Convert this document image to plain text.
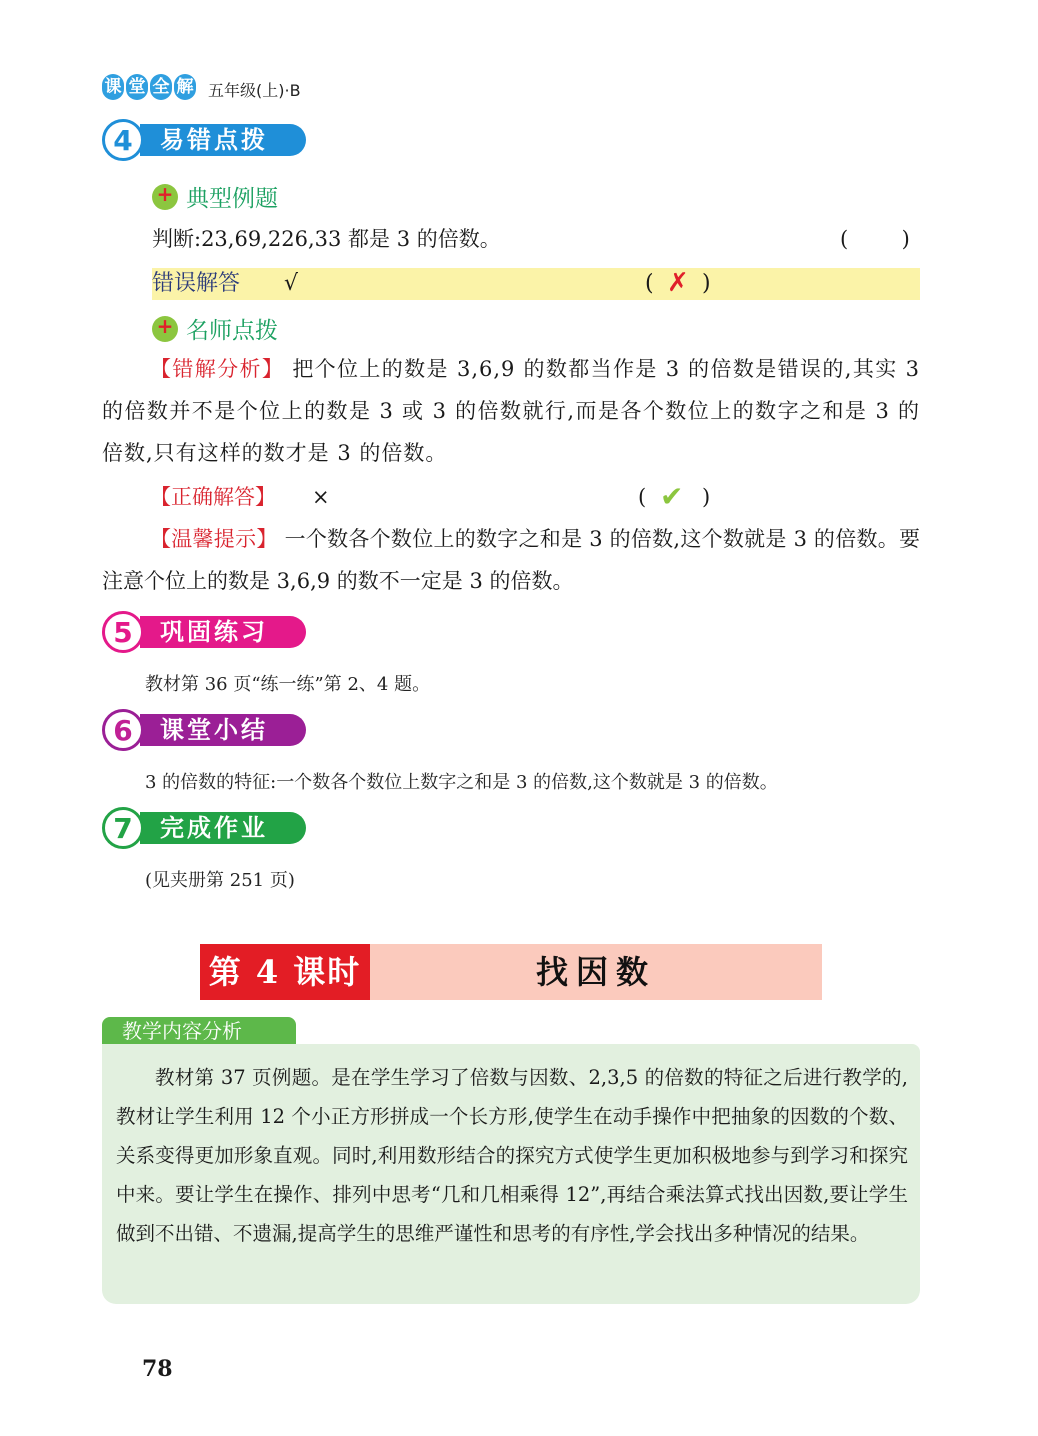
课 堂 全 解 五年级(上)·B
4	易错点拨
+
典型例题
判断:23,69,226,33 都是 3 的倍数。	(        )
错误解答 √	( ✗ )
+
名师点拨
【错解分析】 把个位上的数是 3,6,9 的数都当作是 3 的倍数是错误的,其实 3 的倍数并不是个位上的数是 3 或 3 的倍数就行,而是各个数位上的数字之和是 3 的倍数,只有这样的数才是 3 的倍数。
【正确解答】 ×	( ✔ )
【温馨提示】 一个数各个数位上的数字之和是 3 的倍数,这个数就是 3 的倍数。要注意个位上的数是 3,6,9 的数不一定是 3 的倍数。
5	巩固练习
教材第 36 页“练一练”第 2、4 题。
6	课堂小结
3 的倍数的特征:一个数各个数位上数字之和是 3 的倍数,这个数就是 3 的倍数。
7	完成作业
(见夹册第 251 页)
第 4 课时	找因数
教学内容分析

教材第 37 页例题。是在学生学习了倍数与因数、2,3,5 的倍数的特征之后进行教学的,教材让学生利用 12 个小正方形拼成一个长方形,使学生在动手操作中把抽象的因数的个数、关系变得更加形象直观。同时,利用数形结合的探究方式使学生更加积极地参与到学习和探究中来。要让学生在操作、排列中思考“几和几相乘得 12”,再结合乘法算式找出因数,要让学生做到不出错、不遗漏,提高学生的思维严谨性和思考的有序性,学会找出多种情况的结果。

78
